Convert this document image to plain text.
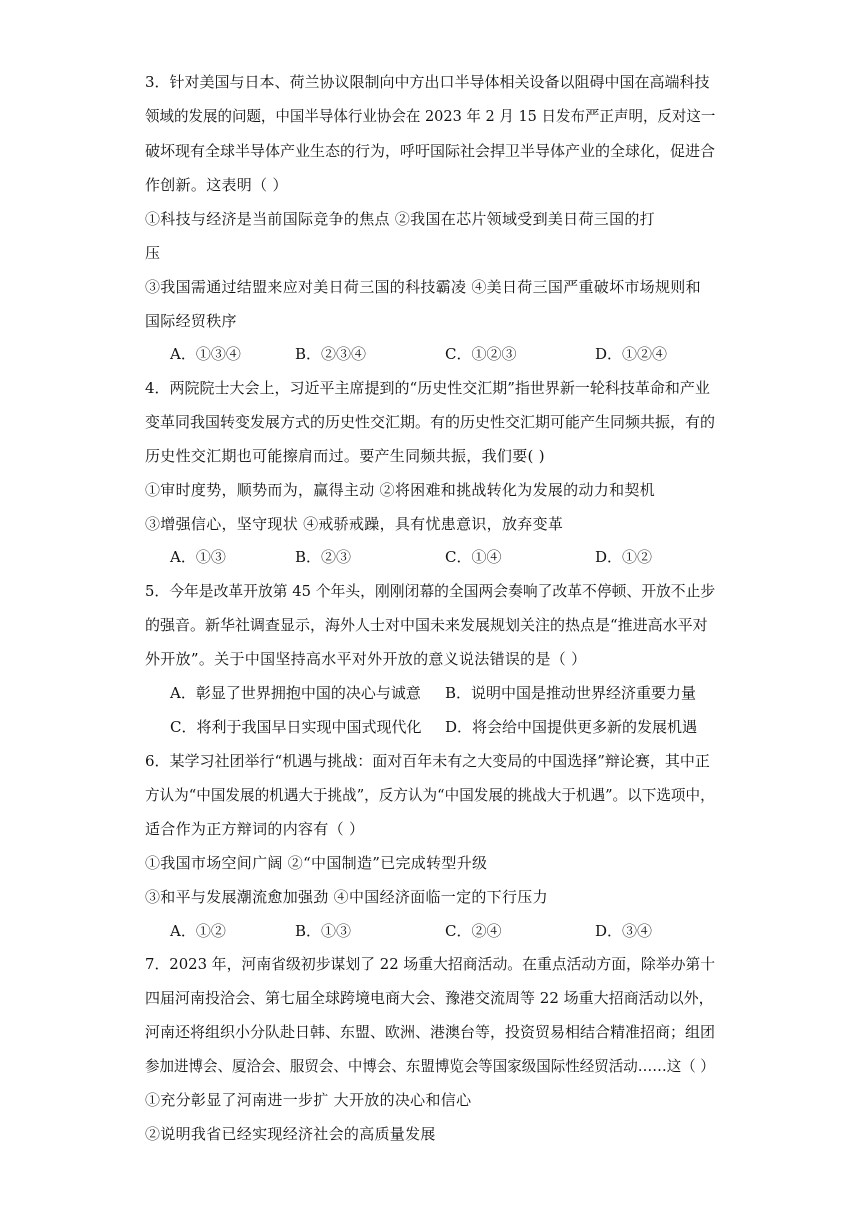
3．针对美国与日本、荷兰协议限制向中方出口半导体相关设备以阻碍中国在高端科技
领域的发展的问题，中国半导体行业协会在 2023 年 2 月 15 日发布严正声明，反对这一
破坏现有全球半导体产业生态的行为，呼吁国际社会捍卫半导体产业的全球化，促进合
作创新。这表明（ ）
①科技与经济是当前国际竞争的焦点 ②我国在芯片领域受到美日荷三国的打
压
③我国需通过结盟来应对美日荷三国的科技霸凌 ④美日荷三国严重破坏市场规则和
国际经贸秩序
A．①③④	B．②③④	C．①②③	D．①②④
4．两院院士大会上，习近平主席提到的“历史性交汇期”指世界新一轮科技革命和产业
变革同我国转变发展方式的历史性交汇期。有的历史性交汇期可能产生同频共振，有的
历史性交汇期也可能擦肩而过。要产生同频共振，我们要( )
①审时度势，顺势而为，赢得主动 ②将困难和挑战转化为发展的动力和契机
③增强信心，坚守现状 ④戒骄戒躁，具有忧患意识，放弃变革
A．①③	B．②③	C．①④	D．①②
5．今年是改革开放第 45 个年头，刚刚闭幕的全国两会奏响了改革不停顿、开放不止步
的强音。新华社调查显示，海外人士对中国未来发展规划关注的热点是“推进高水平对
外开放”。关于中国坚持高水平对外开放的意义说法错误的是（ ）
A．彰显了世界拥抱中国的决心与诚意 B．说明中国是推动世界经济重要力量
C．将利于我国早日实现中国式现代化 D．将会给中国提供更多新的发展机遇
6．某学习社团举行“机遇与挑战：面对百年未有之大变局的中国选择”辩论赛，其中正
方认为“中国发展的机遇大于挑战”，反方认为“中国发展的挑战大于机遇”。以下选项中，
适合作为正方辩词的内容有（ ）
①我国市场空间广阔 ②“中国制造”已完成转型升级
③和平与发展潮流愈加强劲 ④中国经济面临一定的下行压力
A．①②	B．①③	C．②④	D．③④
7．2023 年，河南省级初步谋划了 22 场重大招商活动。在重点活动方面，除举办第十
四届河南投洽会、第七届全球跨境电商大会、豫港交流周等 22 场重大招商活动以外，
河南还将组织小分队赴日韩、东盟、欧洲、港澳台等，投资贸易相结合精准招商；组团
参加进博会、厦洽会、服贸会、中博会、东盟博览会等国家级国际性经贸活动……这（ ）
①充分彰显了河南进一步扩 大开放的决心和信心
②说明我省已经实现经济社会的高质量发展
